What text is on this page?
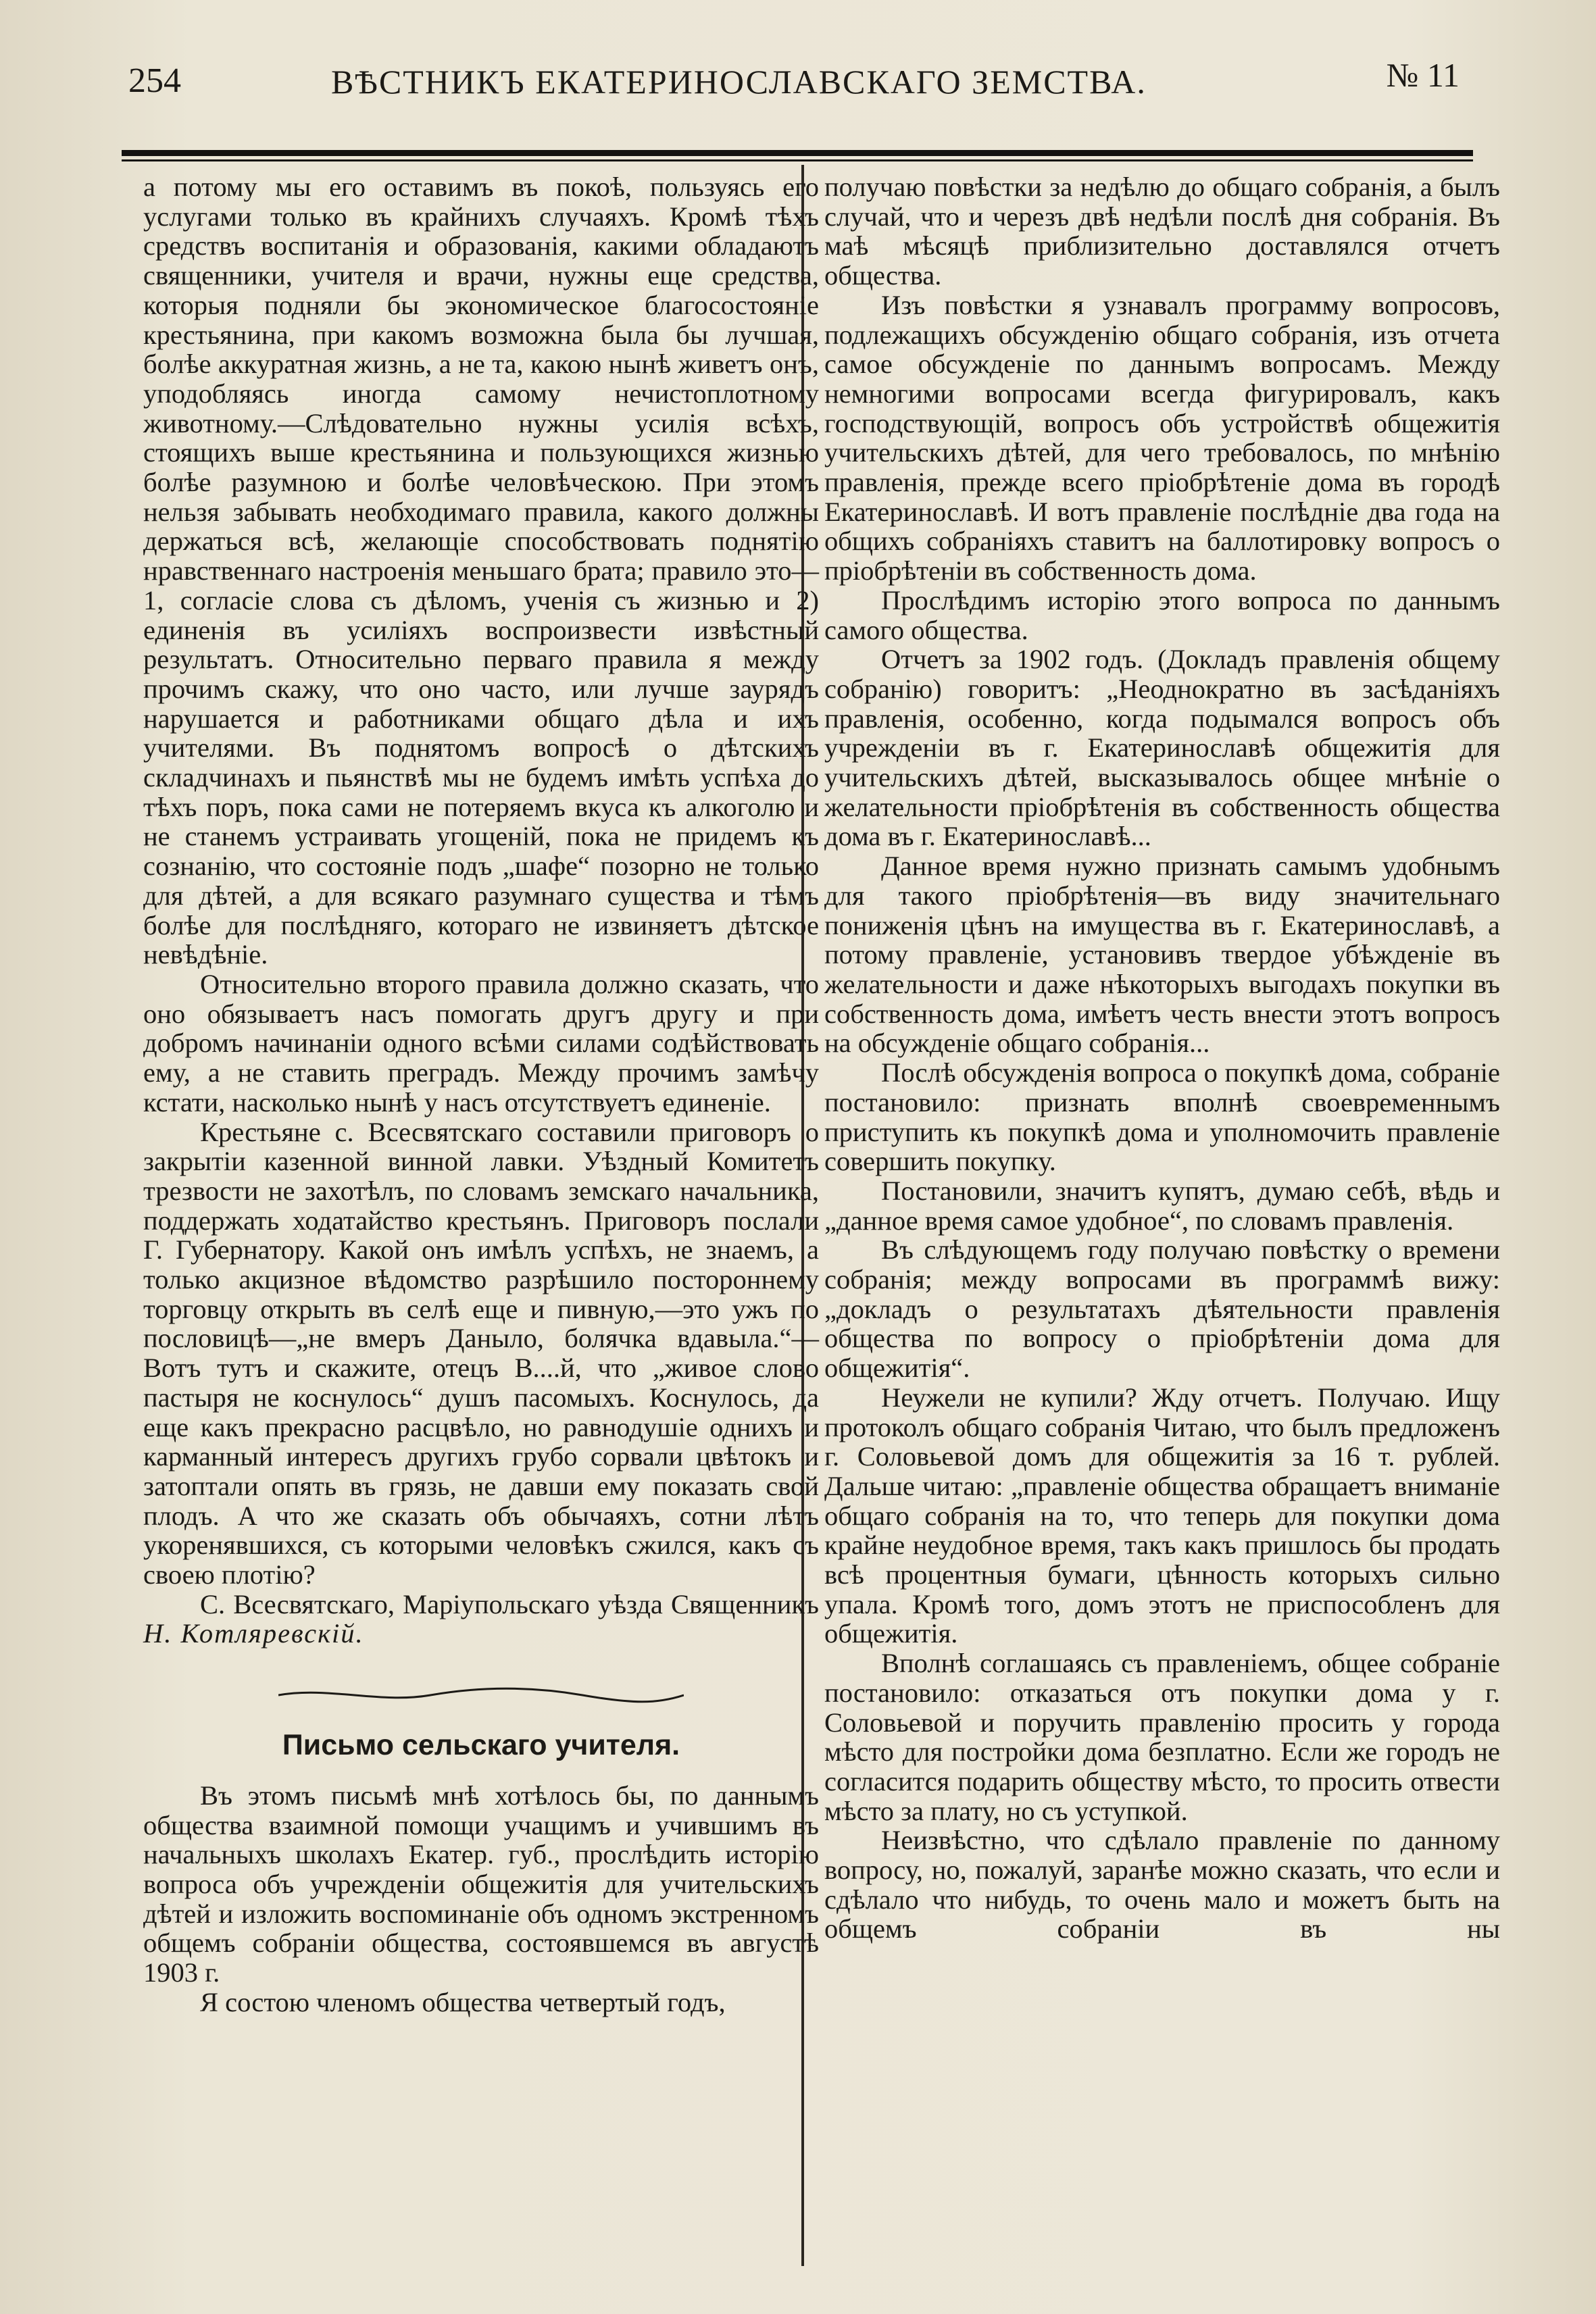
254	ВѢСТНИКЪ ЕКАТЕРИНОСЛАВСКАГО ЗЕМСТВА.	№ 11

а потому мы его оставимъ въ покоѣ, пользуясь его услугами только въ крайнихъ случаяхъ. Кромѣ тѣхъ средствъ воспитанія и образованія, какими обладаютъ священники, учителя и врачи, нужны еще средства, которыя подняли бы экономическое благосостояніе крестьянина, при какомъ возможна была бы лучшая, болѣе аккуратная жизнь, а не та, какою нынѣ живетъ онъ, уподобляясь иногда самому нечистоплотному животному.—Слѣдовательно нужны усилія всѣхъ, стоящихъ выше крестьянина и пользующихся жизнью болѣе разумною и болѣе человѣческою. При этомъ нельзя забывать необходимаго правила, какого должны держаться всѣ, желающіе способствовать поднятію нравственнаго настроенія меньшаго брата; правило это—1, согласіе слова съ дѣломъ, ученія съ жизнью и 2) единенія въ усиліяхъ воспроизвести извѣстный результатъ. Относительно перваго правила я между прочимъ скажу, что оно часто, или лучше заурядъ нарушается и работниками общаго дѣла и ихъ учителями. Въ поднятомъ вопросѣ о дѣтскихъ складчинахъ и пьянствѣ мы не будемъ имѣть успѣха до тѣхъ поръ, пока сами не потеряемъ вкуса къ алкоголю и не станемъ устраивать угощеній, пока не придемъ къ сознанію, что состояніе подъ „шафе“ позорно не только для дѣтей, а для всякаго разумнаго существа и тѣмъ болѣе для послѣдняго, котораго не извиняетъ дѣтское невѣдѣніе.

Относительно второго правила должно сказать, что оно обязываетъ насъ помогать другъ другу и при добромъ начинаніи одного всѣми силами содѣйствовать ему, а не ставить преградъ. Между прочимъ замѣчу кстати, насколько нынѣ у насъ отсутствуетъ единеніе.

Крестьяне с. Всесвятскаго составили приговоръ о закрытіи казенной винной лавки. Уѣздный Комитетъ трезвости не захотѣлъ, по словамъ земскаго начальника, поддержать ходатайство крестьянъ. Приговоръ послали Г. Губернатору. Какой онъ имѣлъ успѣхъ, не знаемъ, а только акцизное вѣдомство разрѣшило постороннему торговцу открыть въ селѣ еще и пивную,—это ужъ по пословицѣ—„не вмеръ Даныло, болячка вдавыла.“—Вотъ тутъ и скажите, отецъ В....й, что „живое слово пастыря не коснулось“ душъ пасомыхъ. Коснулось, да еще какъ прекрасно расцвѣло, но равнодушіе однихъ и карманный интересъ другихъ грубо сорвали цвѣтокъ и затоптали опять въ грязь, не давши ему показать свой плодъ. А что же сказать объ обычаяхъ, сотни лѣтъ укоренявшихся, съ которыми человѣкъ сжился, какъ съ своею плотію?

С. Всесвятскаго, Маріупольскаго уѣзда Священникъ Н. Котляревскій.

Письмо сельскаго учителя.

Въ этомъ письмѣ мнѣ хотѣлось бы, по даннымъ общества взаимной помощи учащимъ и учившимъ въ начальныхъ школахъ Екатер. губ., прослѣдить исторію вопроса объ учрежденіи общежитія для учительскихъ дѣтей и изложить воспоминаніе объ одномъ экстренномъ общемъ собраніи общества, состоявшемся въ августѣ 1903 г.

Я состою членомъ общества четвертый годъ,

получаю повѣстки за недѣлю до общаго собранія, а былъ случай, что и черезъ двѣ недѣли послѣ дня собранія. Въ маѣ мѣсяцѣ приблизительно доставлялся отчетъ общества.

Изъ повѣстки я узнавалъ программу вопросовъ, подлежащихъ обсужденію общаго собранія, изъ отчета самое обсужденіе по даннымъ вопросамъ. Между немногими вопросами всегда фигурировалъ, какъ господствующій, вопросъ объ устройствѣ общежитія учительскихъ дѣтей, для чего требовалось, по мнѣнію правленія, прежде всего пріобрѣтеніе дома въ городѣ Екатеринославѣ. И вотъ правленіе послѣдніе два года на общихъ собраніяхъ ставитъ на баллотировку вопросъ о пріобрѣтеніи въ собственность дома.

Прослѣдимъ исторію этого вопроса по даннымъ самого общества.

Отчетъ за 1902 годъ. (Докладъ правленія общему собранію) говоритъ: „Неоднократно въ засѣданіяхъ правленія, особенно, когда подымался вопросъ объ учрежденіи въ г. Екатеринославѣ общежитія для учительскихъ дѣтей, высказывалось общее мнѣніе о желательности пріобрѣтенія въ собственность общества дома въ г. Екатеринославѣ...

Данное время нужно признать самымъ удобнымъ для такого пріобрѣтенія—въ виду значительнаго пониженія цѣнъ на имущества въ г. Екатеринославѣ, а потому правленіе, установивъ твердое убѣжденіе въ желательности и даже нѣкоторыхъ выгодахъ покупки въ собственность дома, имѣетъ честь внести этотъ вопросъ на обсужденіе общаго собранія...

Послѣ обсужденія вопроса о покупкѣ дома, собраніе постановило: признать вполнѣ своевременнымъ приступить къ покупкѣ дома и уполномочить правленіе совершить покупку.

Постановили, значитъ купятъ, думаю себѣ, вѣдь и „данное время самое удобное“, по словамъ правленія.

Въ слѣдующемъ году получаю повѣстку о времени собранія; между вопросами въ программѣ вижу: „докладъ о результатахъ дѣятельности правленія общества по вопросу о пріобрѣтеніи дома для общежитія“.

Неужели не купили? Жду отчетъ. Получаю. Ищу протоколъ общаго собранія Читаю, что былъ предложенъ г. Соловьевой домъ для общежитія за 16 т. рублей. Дальше читаю: „правленіе общества обращаетъ вниманіе общаго собранія на то, что теперь для покупки дома крайне неудобное время, такъ какъ пришлось бы продать всѣ процентныя бумаги, цѣнность которыхъ сильно упала. Кромѣ того, домъ этотъ не приспособленъ для общежитія.

Вполнѣ соглашаясь съ правленіемъ, общее собраніе постановило: отказаться отъ покупки дома у г. Соловьевой и поручить правленію просить у города мѣсто для постройки дома безплатно. Если же городъ не согласится подарить обществу мѣсто, то просить отвести мѣсто за плату, но съ уступкой.

Неизвѣстно, что сдѣлало правленіе по данному вопросу, но, пожалуй, заранѣе можно сказать, что если и сдѣлало что нибудь, то очень мало и можетъ быть на общемъ собраніи въ ны
